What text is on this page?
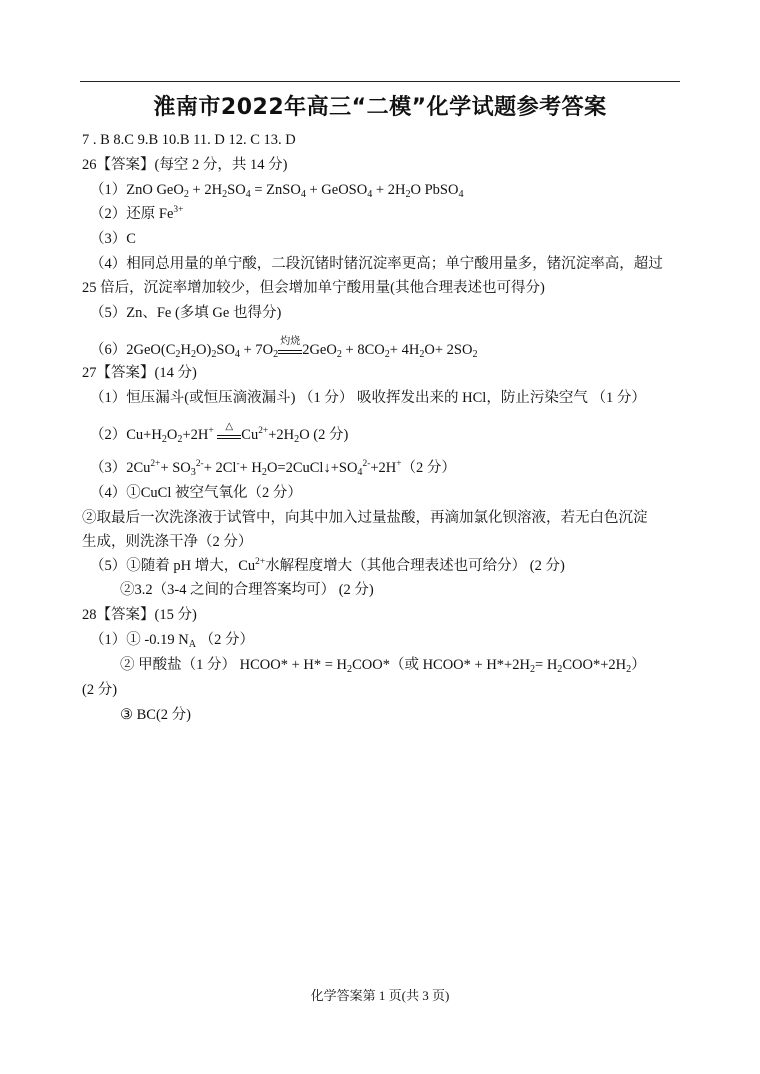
淮南市2022年高三“二模”化学试题参考答案
7 . B 8.C 9.B 10.B 11. D 12. C 13. D
26【答案】(每空 2 分，共 14 分)
（1）ZnO $GeO_2 + 2H_2SO_4$ = ZnSO$_4$ + GeOSO$_4$ + $2H_2O$ PbSO$_4$
（2）还原 $Fe^{3+}$
（3）C
（4）相同总用量的单宁酸，二段沉锗时锗沉淀率更高；单宁酸用量多，锗沉淀率高，超过
25 倍后，沉淀率增加较少，但会增加单宁酸用量(其他合理表述也可得分)
（5）Zn、Fe (多填 Ge 也得分)
$(6)2GeO(C_2H_2O)_2SO_4 + 7O_2$
灼烧
$2GeO_2 + 8CO_2+ 4H_2O+ 2SO_2$
27【答案】(14 分)
（1）恒压漏斗(或恒压滴液漏斗) （1 分） 吸收挥发出来的 HCl，防止污染空气 （1 分）
$(2)Cu+H_2O_2+2H^+$	△
$Cu^{2+}+2H_2O$ (2 分)
$(3)2Cu^{2+}+ SO_3^{2-}+ 2Cl^-+$ $H_2O=2CuCl↓+SO_4^{2-}+2H^+(2$ 分）
（4）①CuCl 被空气氧化（2 分）
②取最后一次洗涤液于试管中，向其中加入过量盐酸，再滴加氯化钡溶液，若无白色沉淀
生成，则洗涤干净（2 分）
（5）①随着 pH 增大，$Cu^{2+}$水解程度增大（其他合理表述也可给分） (2 分)
②3.2（3-4 之间的合理答案均可） (2 分)
28【答案】(15 分)
（1）① -0.19 $N_A$ （2 分）
② 甲酸盐（1 分） HCOO* + $H* = H_2COO*$（或 HCOO* + $H*+2H_2= H_2COO*+2H_2$）
(2 分)
③ BC(2 分)
化学答案第 1 页(共 3 页)
